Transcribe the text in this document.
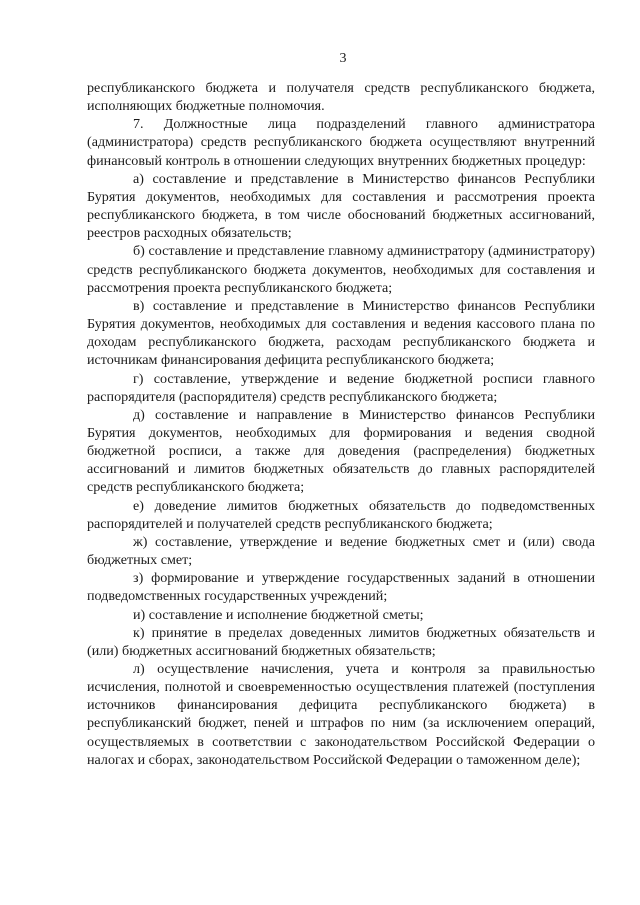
3

республиканского бюджета и получателя средств республиканского бюджета, исполняющих бюджетные полномочия.

7. Должностные лица подразделений главного администратора (администратора) средств республиканского бюджета осуществляют внутренний финансовый контроль в отношении следующих внутренних бюджетных процедур:

а) составление и представление в Министерство финансов Республики Бурятия документов, необходимых для составления и рассмотрения проекта республиканского бюджета, в том числе обоснований бюджетных ассигнований, реестров расходных обязательств;

б) составление и представление главному администратору (администратору) средств республиканского бюджета документов, необходимых для составления и рассмотрения проекта республиканского бюджета;

в) составление и представление в Министерство финансов Республики Бурятия документов, необходимых для составления и ведения кассового плана по доходам республиканского бюджета, расходам республиканского бюджета и источникам финансирования дефицита республиканского бюджета;

г) составление, утверждение и ведение бюджетной росписи главного распорядителя (распорядителя) средств республиканского бюджета;

д) составление и направление в Министерство финансов Республики Бурятия документов, необходимых для формирования и ведения сводной бюджетной росписи, а также для доведения (распределения) бюджетных ассигнований и лимитов бюджетных обязательств до главных распорядителей средств республиканского бюджета;

е) доведение лимитов бюджетных обязательств до подведомственных распорядителей и получателей средств республиканского бюджета;

ж) составление, утверждение и ведение бюджетных смет и (или) свода бюджетных смет;

з) формирование и утверждение государственных заданий в отношении подведомственных государственных учреждений;

и) составление и исполнение бюджетной сметы;

к) принятие в пределах доведенных лимитов бюджетных обязательств и (или) бюджетных ассигнований бюджетных обязательств;

л) осуществление начисления, учета и контроля за правильностью исчисления, полнотой и своевременностью осуществления платежей (поступления источников финансирования дефицита республиканского бюджета) в республиканский бюджет, пеней и штрафов по ним (за исключением операций, осуществляемых в соответствии с законодательством Российской Федерации о налогах и сборах, законодательством Российской Федерации о таможенном деле);
